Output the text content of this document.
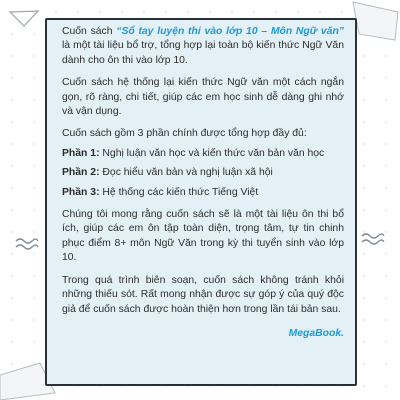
Cuốn sách “Sổ tay luyện thi vào lớp 10 – Môn Ngữ văn” là một tài liệu bổ trợ, tổng hợp lại toàn bộ kiến thức Ngữ Văn dành cho ôn thi vào lớp 10.

Cuốn sách hệ thống lại kiến thức Ngữ văn một cách ngắn gọn, rõ ràng, chi tiết, giúp các em học sinh dễ dàng ghi nhớ và vận dụng.

Cuốn sách gồm 3 phần chính được tổng hợp đầy đủ:

Phần 1: Nghị luận văn học và kiến thức văn bản văn học

Phần 2: Đọc hiểu văn bản và nghị luận xã hội

Phần 3: Hệ thống các kiến thức Tiếng Việt

Chúng tôi mong rằng cuốn sách sẽ là một tài liệu ôn thi bổ ích, giúp các em ôn tập toàn diện, trọng tâm, tự tin chinh phục điểm 8+ môn Ngữ Văn trong kỳ thi tuyển sinh vào lớp 10.

Trong quá trình biên soạn, cuốn sách không tránh khỏi những thiếu sót. Rất mong nhận được sự góp ý của quý độc giả để cuốn sách được hoàn thiện hơn trong lần tái bản sau.

MegaBook.
